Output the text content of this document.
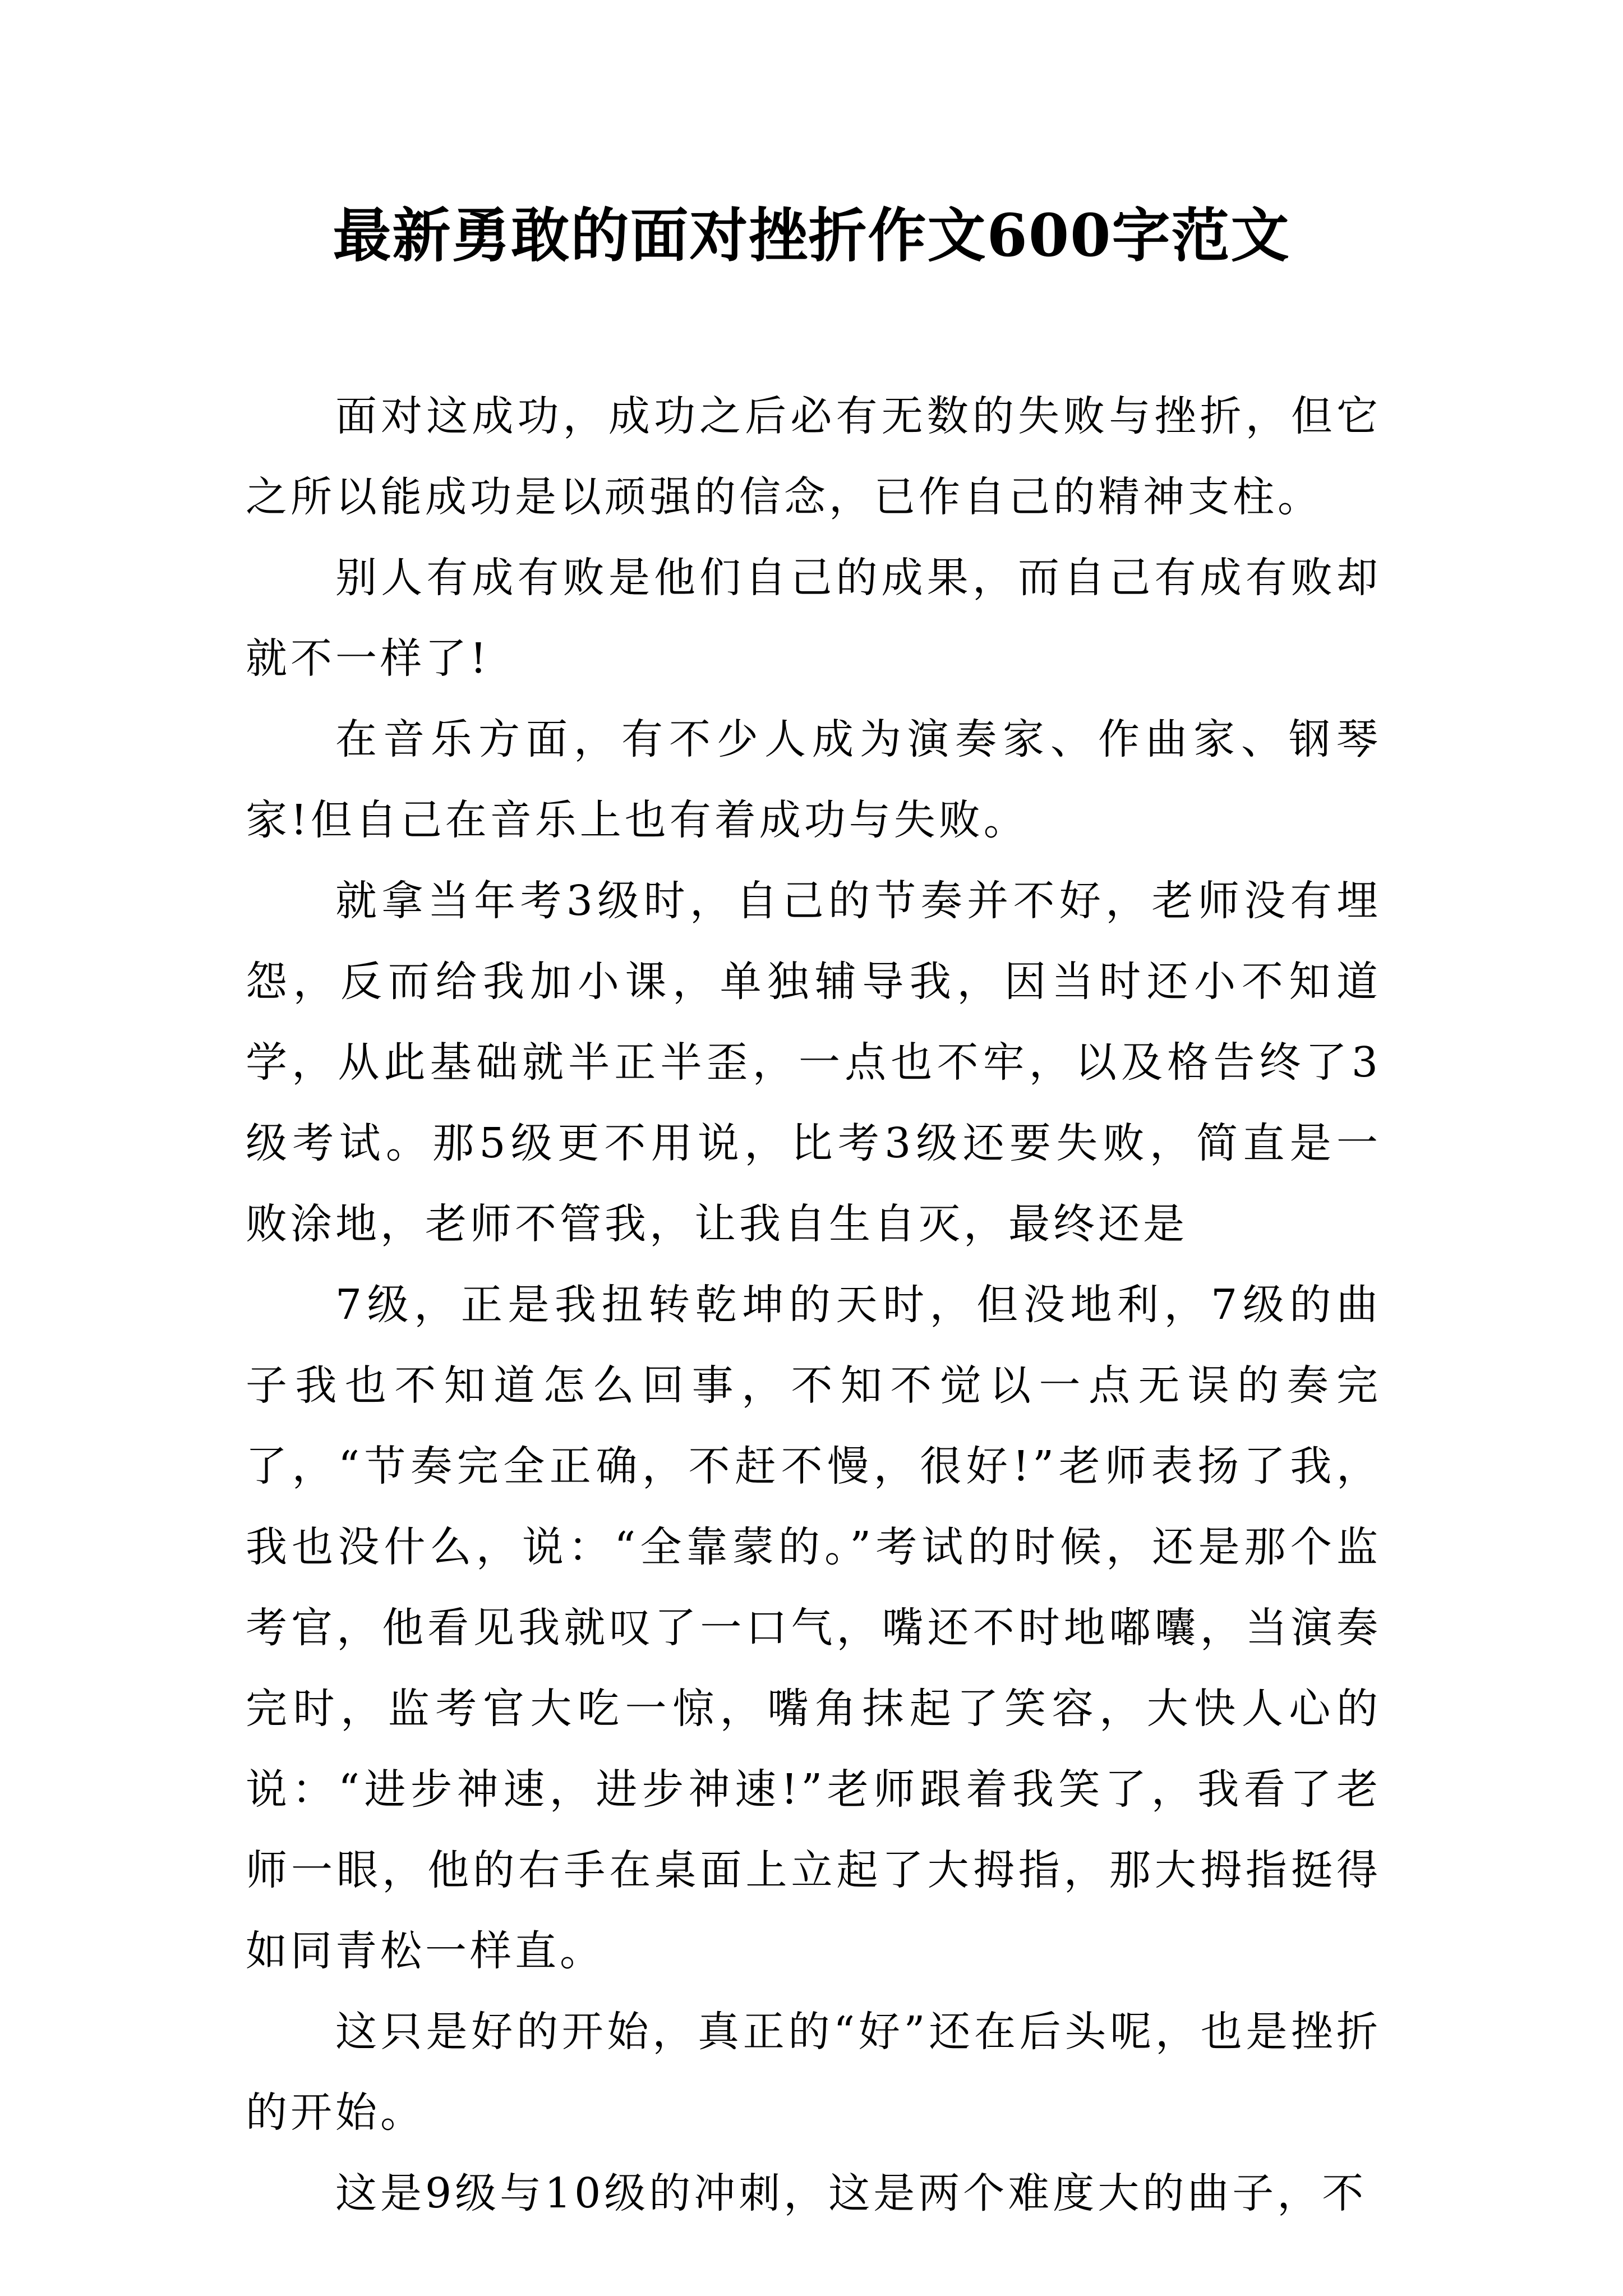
最新勇敢的面对挫折作文600字范文

面对这成功，成功之后必有无数的失败与挫折，但它之所以能成功是以顽强的信念，已作自己的精神支柱。

别人有成有败是他们自己的成果，而自己有成有败却就不一样了!

在音乐方面，有不少人成为演奏家、作曲家、钢琴家!但自己在音乐上也有着成功与失败。

就拿当年考3级时，自己的节奏并不好，老师没有埋怨，反而给我加小课，单独辅导我，因当时还小不知道学，从此基础就半正半歪，一点也不牢，以及格告终了3级考试。那5级更不用说，比考3级还要失败，简直是一败涂地，老师不管我，让我自生自灭，最终还是

7级，正是我扭转乾坤的天时，但没地利，7级的曲子我也不知道怎么回事，不知不觉以一点无误的奏完了，“节奏完全正确，不赶不慢，很好!”老师表扬了我，我也没什么，说：“全靠蒙的。”考试的时候，还是那个监考官，他看见我就叹了一口气，嘴还不时地嘟囔，当演奏完时，监考官大吃一惊，嘴角抹起了笑容，大快人心的说：“进步神速，进步神速!”老师跟着我笑了，我看了老师一眼，他的右手在桌面上立起了大拇指，那大拇指挺得如同青松一样直。

这只是好的开始，真正的“好”还在后头呢，也是挫折的开始。

这是9级与10级的冲刺，这是两个难度大的曲子，不
